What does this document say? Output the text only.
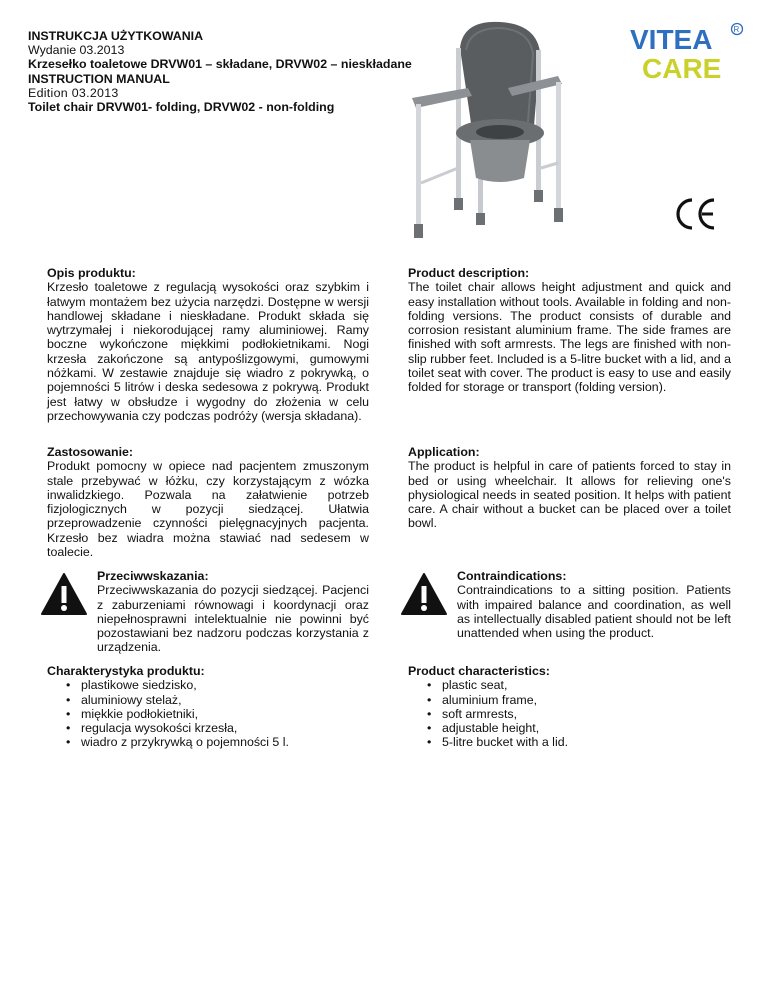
INSTRUKCJA UŻYTKOWANIA
Wydanie 03.2013
Krzesełko toaletowe DRVW01 – składane, DRVW02 – nieskładane
INSTRUCTION MANUAL
Edition 03.2013
Toilet chair DRVW01- folding, DRVW02 - non-folding
VITEA
CARE
R
Opis produktu:
Krzesło toaletowe z regulacją wysokości oraz szybkim i łatwym montażem bez użycia narzędzi. Dostępne w wersji handlowej składane i nieskładane. Produkt składa się wytrzymałej i niekorodującej ramy aluminiowej. Ramy boczne wykończone miękkimi podłokietnikami. Nogi krzesła zakończone są antypoślizgowymi, gumowymi nóżkami. W zestawie znajduje się wiadro z pokrywką, o pojemności 5 litrów i deska sedesowa z pokrywą. Produkt jest łatwy w obsłudze i wygodny do złożenia w celu przechowywania czy podczas podróży (wersja składana).
Zastosowanie:
Produkt pomocny w opiece nad pacjentem zmuszonym stale przebywać w łóżku, czy korzystającym z wózka inwalidzkiego. Pozwala na załatwienie potrzeb fizjologicznych w pozycji siedzącej. Ułatwia przeprowadzenie czynności pielęgnacyjnych pacjenta. Krzesło bez wiadra można stawiać nad sedesem w toalecie.
Przeciwwskazania:
Przeciwwskazania do pozycji siedzącej. Pacjenci z zaburzeniami równowagi i koordynacji oraz niepełnosprawni intelektualnie nie powinni być pozostawiani bez nadzoru podczas korzystania z urządzenia.
Charakterystyka produktu:
• plastikowe siedzisko,
• aluminiowy stelaż,
• miękkie podłokietniki,
• regulacja wysokości krzesła,
• wiadro z przykrywką o pojemności 5 l.
Product description:
The toilet chair allows height adjustment and quick and easy installation without tools. Available in folding and non-folding versions. The product consists of durable and corrosion resistant aluminium frame. The side frames are finished with soft armrests. The legs are finished with non-slip rubber feet. Included is a 5-litre bucket with a lid, and a toilet seat with cover. The product is easy to use and easily folded for storage or transport (folding version).
Application:
The product is helpful in care of patients forced to stay in bed or using wheelchair. It allows for relieving one's physiological needs in seated position. It helps with patient care. A chair without a bucket can be placed over a toilet bowl.
Contraindications:
Contraindications to a sitting position. Patients with impaired balance and coordination, as well as intellectually disabled patient should not be left unattended when using the product.
Product characteristics:
• plastic seat,
• aluminium frame,
• soft armrests,
• adjustable height,
• 5-litre bucket with a lid.
